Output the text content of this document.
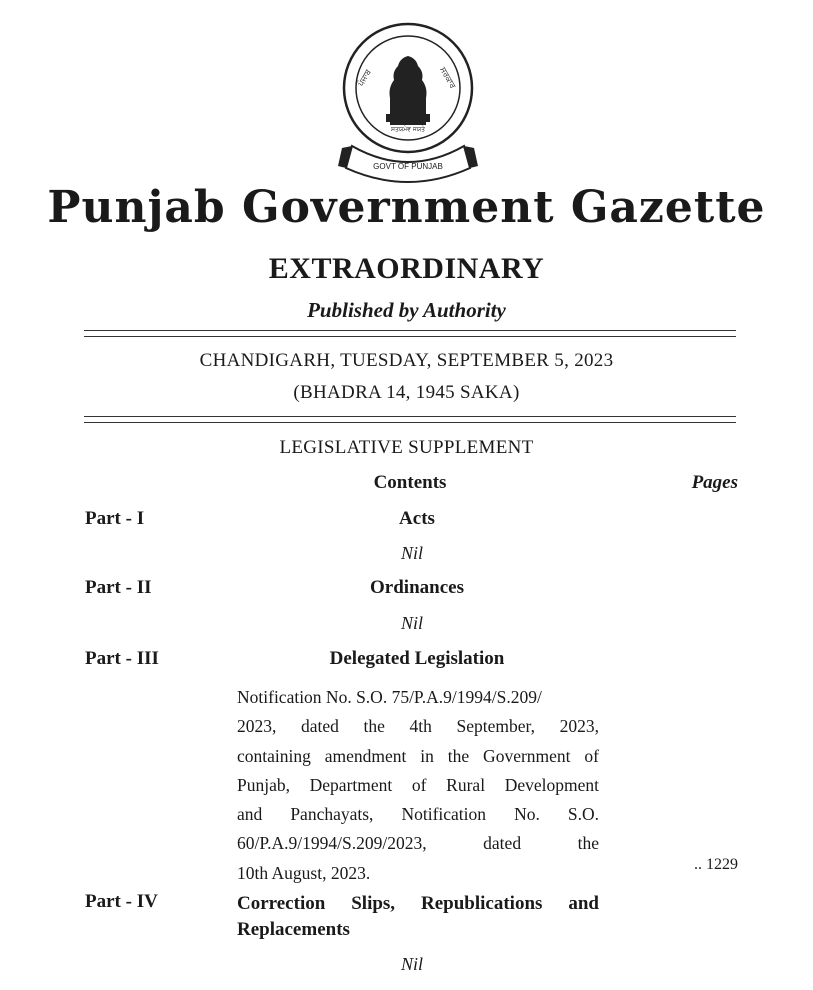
ਪੰਜਾਬ	ਸਰਕਾਰ
ਸਤਯਮੇਵ ਜਯਤੇ
GOVT OF PUNJAB
Punjab Government Gazette
EXTRAORDINARY
Published by Authority
CHANDIGARH, TUESDAY, SEPTEMBER 5, 2023
(BHADRA 14, 1945 SAKA)
LEGISLATIVE SUPPLEMENT
Contents	Pages
Part - I	Acts
Nil
Part - II	Ordinances
Nil
Part - III	Delegated Legislation
Notification No. S.O. 75/P.A.9/1994/S.209/
2023, dated the 4th September, 2023,
containing amendment in the Government of
Punjab, Department of Rural Development
and Panchayats, Notification No. S.O.
60/P.A.9/1994/S.209/2023, dated the
10th August, 2023.	.. 1229
Part - IV	Correction Slips, Republications and
Replacements
Nil
